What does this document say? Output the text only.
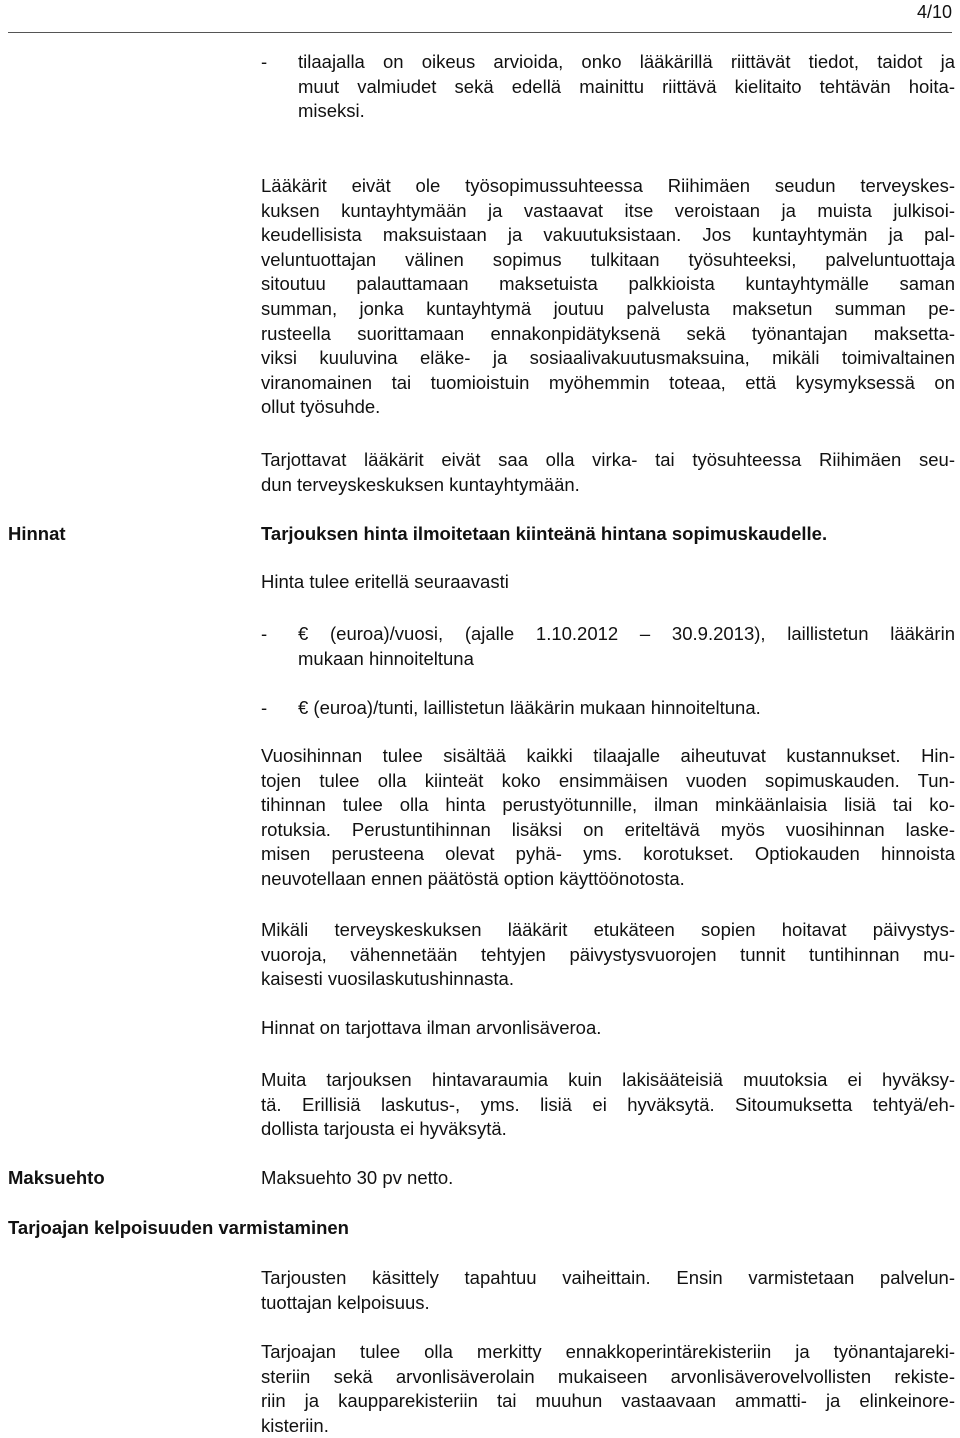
4/10
- tilaajalla on oikeus arvioida, onko lääkärillä riittävät tiedot, taidot ja
muut valmiudet sekä edellä mainittu riittävä kielitaito tehtävän hoita-
miseksi.
Lääkärit eivät ole työsopimussuhteessa Riihimäen seudun terveyskes-
kuksen kuntayhtymään ja vastaavat itse veroistaan ja muista julkisoi-
keudellisista maksuistaan ja vakuutuksistaan. Jos kuntayhtymän ja pal-
veluntuottajan välinen sopimus tulkitaan työsuhteeksi, palveluntuottaja
sitoutuu palauttamaan maksetuista palkkioista kuntayhtymälle saman
summan, jonka kuntayhtymä joutuu palvelusta maksetun summan pe-
rusteella suorittamaan ennakonpidätyksenä sekä työnantajan maksetta-
viksi kuuluvina eläke- ja sosiaalivakuutusmaksuina, mikäli toimivaltainen
viranomainen tai tuomioistuin myöhemmin toteaa, että kysymyksessä on
ollut työsuhde.
Tarjottavat lääkärit eivät saa olla virka- tai työsuhteessa Riihimäen seu-
dun terveyskeskuksen kuntayhtymään.
Hinnat	Tarjouksen hinta ilmoitetaan kiinteänä hintana sopimuskaudelle.
Hinta tulee eritellä seuraavasti
- € (euroa)/vuosi, (ajalle 1.10.2012 – 30.9.2013), laillistetun lääkärin
mukaan hinnoiteltuna
- € (euroa)/tunti, laillistetun lääkärin mukaan hinnoiteltuna.
Vuosihinnan tulee sisältää kaikki tilaajalle aiheutuvat kustannukset. Hin-
tojen tulee olla kiinteät koko ensimmäisen vuoden sopimuskauden. Tun-
tihinnan tulee olla hinta perustyötunnille, ilman minkäänlaisia lisiä tai ko-
rotuksia. Perustuntihinnan lisäksi on eriteltävä myös vuosihinnan laske-
misen perusteena olevat pyhä- yms. korotukset. Optiokauden hinnoista
neuvotellaan ennen päätöstä option käyttöönotosta.
Mikäli terveyskeskuksen lääkärit etukäteen sopien hoitavat päivystys-
vuoroja, vähennetään tehtyjen päivystysvuorojen tunnit tuntihinnan mu-
kaisesti vuosilaskutushinnasta.
Hinnat on tarjottava ilman arvonlisäveroa.
Muita tarjouksen hintavaraumia kuin lakisääteisiä muutoksia ei hyväksy-
tä. Erillisiä laskutus-, yms. lisiä ei hyväksytä. Sitoumuksetta tehtyä/eh-
dollista tarjousta ei hyväksytä.
Maksuehto	Maksuehto 30 pv netto.
Tarjoajan kelpoisuuden varmistaminen
Tarjousten käsittely tapahtuu vaiheittain. Ensin varmistetaan palvelun-
tuottajan kelpoisuus.
Tarjoajan tulee olla merkitty ennakkoperintärekisteriin ja työnantajareki-
steriin sekä arvonlisäverolain mukaiseen arvonlisäverovelvollisten rekiste-
riin ja kaupparekisteriin tai muuhun vastaavaan ammatti- ja elinkeinore-
kisteriin.
